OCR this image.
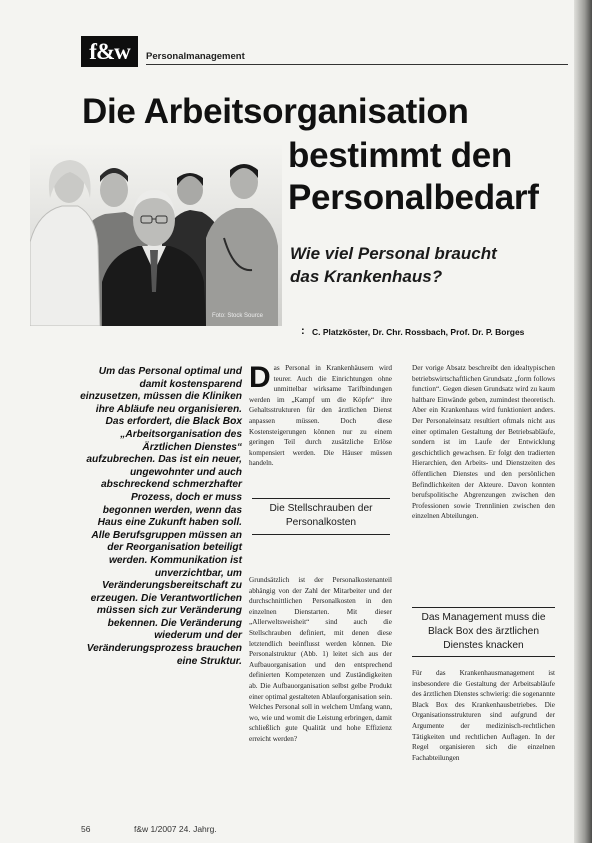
f&w	Personalmanagement
Die Arbeitsorganisation
Foto: Stock Source
bestimmt den
Personalbedarf
Wie viel Personal braucht
das Krankenhaus?
: C. Platzköster, Dr. Chr. Rossbach, Prof. Dr. P. Borges
Um das Personal optimal und damit kostensparend einzusetzen, müssen die Kliniken ihre Abläufe neu organisieren. Das erfordert, die Black Box „Arbeitsorganisation des Ärztlichen Dienstes“ aufzubrechen. Das ist ein neuer, ungewohnter und auch abschreckend schmerzhafter Prozess, doch er muss begonnen werden, wenn das Haus eine Zukunft haben soll. Alle Berufsgruppen müssen an der Reorganisation beteiligt werden. Kommunikation ist unverzichtbar, um Veränderungsbereitschaft zu erzeugen. Die Verantwortlichen müssen sich zur Veränderung bekennen. Die Veränderung wiederum und der Veränderungsprozess brauchen eine Struktur.
Das Personal in Krankenhäusern wird teurer. Auch die Einrichtungen ohne unmittelbar wirksame Tarifbindungen werden im „Kampf um die Köpfe“ ihre Gehaltsstrukturen für den ärztlichen Dienst anpassen müssen. Doch diese Kostensteigerungen können nur zu einem geringen Teil durch zusätzliche Erlöse kompensiert werden. Die Häuser müssen handeln.
Die Stellschrauben der Personalkosten
Grundsätzlich ist der Personalkostenanteil abhängig von der Zahl der Mitarbeiter und der durchschnittlichen Personalkosten in den einzelnen Dienstarten. Mit dieser „Allerweltsweisheit“ sind auch die Stellschrauben definiert, mit denen diese letztendlich beeinflusst werden können. Die Personalstruktur (Abb. 1) leitet sich aus der Aufbauorganisation und den entsprechend definierten Kompetenzen und Zuständigkeiten ab. Die Aufbauorganisation selbst gelbe Produkt einer optimal gestalteten Ablauforganisation sein. Welches Personal soll in welchem Umfang wann, wo, wie und womit die Leistung erbringen, damit schließlich gute Qualität und hohe Effizienz erreicht werden?
Der vorige Absatz beschreibt den idealtypischen betriebswirtschaftlichen Grundsatz „form follows function“. Gegen diesen Grundsatz wird zu kaum haltbare Einwände geben, zumindest theoretisch. Aber ein Krankenhaus wird funktioniert anders. Der Personaleinsatz resultiert oftmals nicht aus einer optimalen Gestaltung der Betriebsabläufe, sondern ist im Laufe der Entwicklung geschichtlich gewachsen. Er folgt den tradierten Hierarchien, den Arbeits- und Dienstzeiten des öffentlichen Dienstes und den persönlichen Befindlichkeiten der Akteure. Davon konnten berufspolitische Abgrenzungen zwischen den Professionen sowie Trennlinien zwischen den einzelnen Abteilungen.
Das Management muss die Black Box des ärztlichen Dienstes knacken
Für das Krankenhausmanagement ist insbesondere die Gestaltung der Arbeitsabläufe des ärztlichen Dienstes schwierig: die sogenannte Black Box des Krankenhausbetriebes. Die Organisationsstrukturen sind aufgrund der Argumente der medizinisch-rechtlichen Tätigkeiten und rechtlichen Auflagen. In der Regel organisieren sich die einzelnen Fachabteilungen
56	f&w 1/2007 24. Jahrg.
